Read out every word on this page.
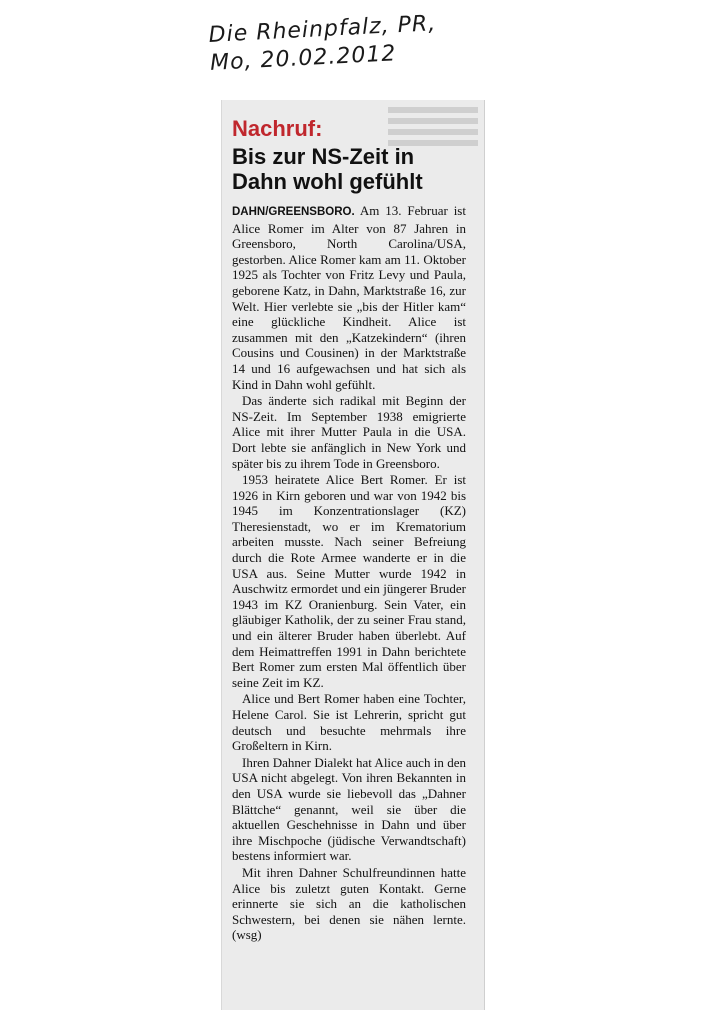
Die Rheinpfalz, PR,
Mo, 20.02.2012
Nachruf:
Bis zur NS-Zeit in
Dahn wohl gefühlt

DAHN/GREENSBORO. Am 13. Februar ist Alice Romer im Alter von 87 Jahren in Greensboro, North Carolina/USA, gestorben. Alice Romer kam am 11. Oktober 1925 als Tochter von Fritz Levy und Paula, geborene Katz, in Dahn, Marktstraße 16, zur Welt. Hier verlebte sie „bis der Hitler kam“ eine glückliche Kindheit. Alice ist zusammen mit den „Katzekindern“ (ihren Cousins und Cousinen) in der Marktstraße 14 und 16 aufgewachsen und hat sich als Kind in Dahn wohl gefühlt.

Das änderte sich radikal mit Beginn der NS-Zeit. Im September 1938 emigrierte Alice mit ihrer Mutter Paula in die USA. Dort lebte sie anfänglich in New York und später bis zu ihrem Tode in Greensboro.

1953 heiratete Alice Bert Romer. Er ist 1926 in Kirn geboren und war von 1942 bis 1945 im Konzentrationslager (KZ) Theresienstadt, wo er im Krematorium arbeiten musste. Nach seiner Befreiung durch die Rote Armee wanderte er in die USA aus. Seine Mutter wurde 1942 in Auschwitz ermordet und ein jüngerer Bruder 1943 im KZ Oranienburg. Sein Vater, ein gläubiger Katholik, der zu seiner Frau stand, und ein älterer Bruder haben überlebt. Auf dem Heimattreffen 1991 in Dahn berichtete Bert Romer zum ersten Mal öffentlich über seine Zeit im KZ.

Alice und Bert Romer haben eine Tochter, Helene Carol. Sie ist Lehrerin, spricht gut deutsch und besuchte mehrmals ihre Großeltern in Kirn.

Ihren Dahner Dialekt hat Alice auch in den USA nicht abgelegt. Von ihren Bekannten in den USA wurde sie liebevoll das „Dahner Blättche“ genannt, weil sie über die aktuellen Geschehnisse in Dahn und über ihre Mischpoche (jüdische Verwandtschaft) bestens informiert war.

Mit ihren Dahner Schulfreundinnen hatte Alice bis zuletzt guten Kontakt. Gerne erinnerte sie sich an die katholischen Schwestern, bei denen sie nähen lernte. (wsg)
